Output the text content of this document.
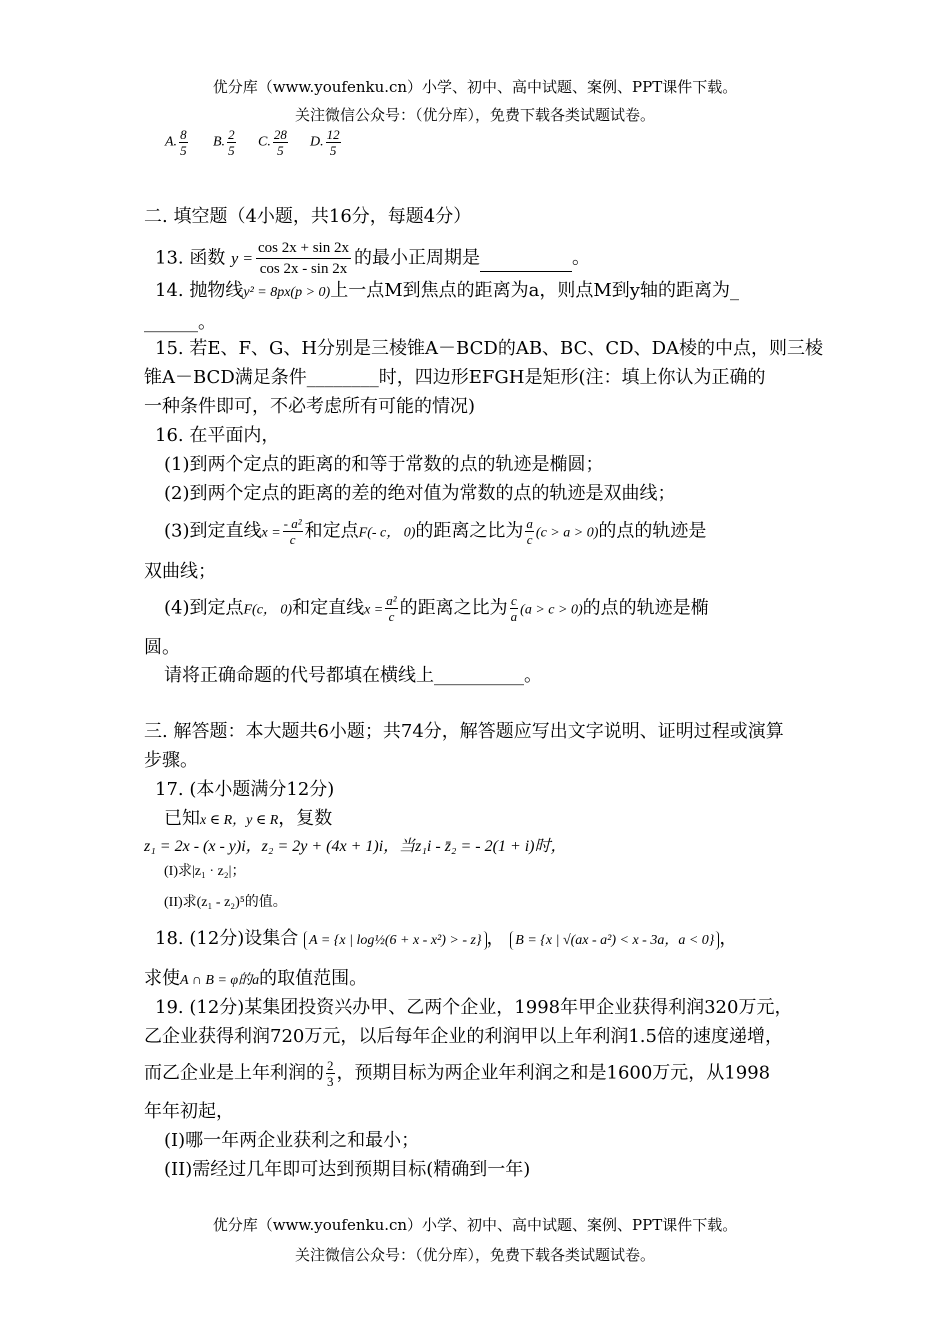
优分库（www.youfenku.cn）小学、初中、高中试题、案例、PPT课件下载。
关注微信公众号：（优分库），免费下载各类试题试卷。
A. $\frac{8}{5} B$. $\frac{2}{5} C$. $\frac{28}{5} D$. $\frac{12}{5}$
二. 填空题（4小题，共16分，每题4分）
13. 函数 $y = \frac{\cos 2x + \sin 2x}{\cos 2x - \sin 2x}$ 的最小正周期是	。
14. 抛物线y² = 8px(p > 0)上一点M到焦点的距离为a，则点M到y轴的距离为_
______。
15. 若E、F、G、H分别是三棱锥A－BCD的AB、BC、CD、DA棱的中点，则三棱
锥A－BCD满足条件________时，四边形EFGH是矩形(注：填上你认为正确的
一种条件即可，不必考虑所有可能的情况)
16. 在平面内，
(1)到两个定点的距离的和等于常数的点的轨迹是椭圆；
(2)到两个定点的距离的差的绝对值为常数的点的轨迹是双曲线；
(3)到定直线$x = \frac{\text{- a²}}{c}$ 和定点F(- c， 0)的距离之比为 $\frac{a}{c} (c > a > 0)$的点的轨迹是
双曲线；
(4)到定点F(c， 0)和定直线$x = \frac{\text{a²}}{c}$ 的距离之比为 $\frac{c}{a} (a > c > 0)$的点的轨迹是椭
圆。
请将正确命题的代号都填在横线上__________。
三. 解答题：本大题共6小题；共74分，解答题应写出文字说明、证明过程或演算
步骤。
17. (本小题满分12分)
已知x ∈ R，y ∈ R，复数
z₁ = 2x - (x - y)i，z₂ = 2y + (4x + 1)i，当z₁i - z̄₂ = - 2(1 + i)时，
(I)求|z₁ · z₂|；
(II)求(z₁ - z₂)⁵的值。
18. (12分)设集合 A = {x | log½(6 + x - x²) > - z} ， B = {x | √(ax - a²) < x - 3a，a < 0} ，
求使A ∩ B = φ的a的取值范围。
19. (12分)某集团投资兴办甲、乙两个企业，1998年甲企业获得利润320万元，
乙企业获得利润720万元，以后每年企业的利润甲以上年利润1.5倍的速度递增，
而乙企业是上年利润的 $\frac{2}{3}$ ，预期目标为两企业年利润之和是1600万元，从1998
年年初起，
(I)哪一年两企业获利之和最小；
(II)需经过几年即可达到预期目标(精确到一年)
优分库（www.youfenku.cn）小学、初中、高中试题、案例、PPT课件下载。
关注微信公众号：（优分库），免费下载各类试题试卷。
